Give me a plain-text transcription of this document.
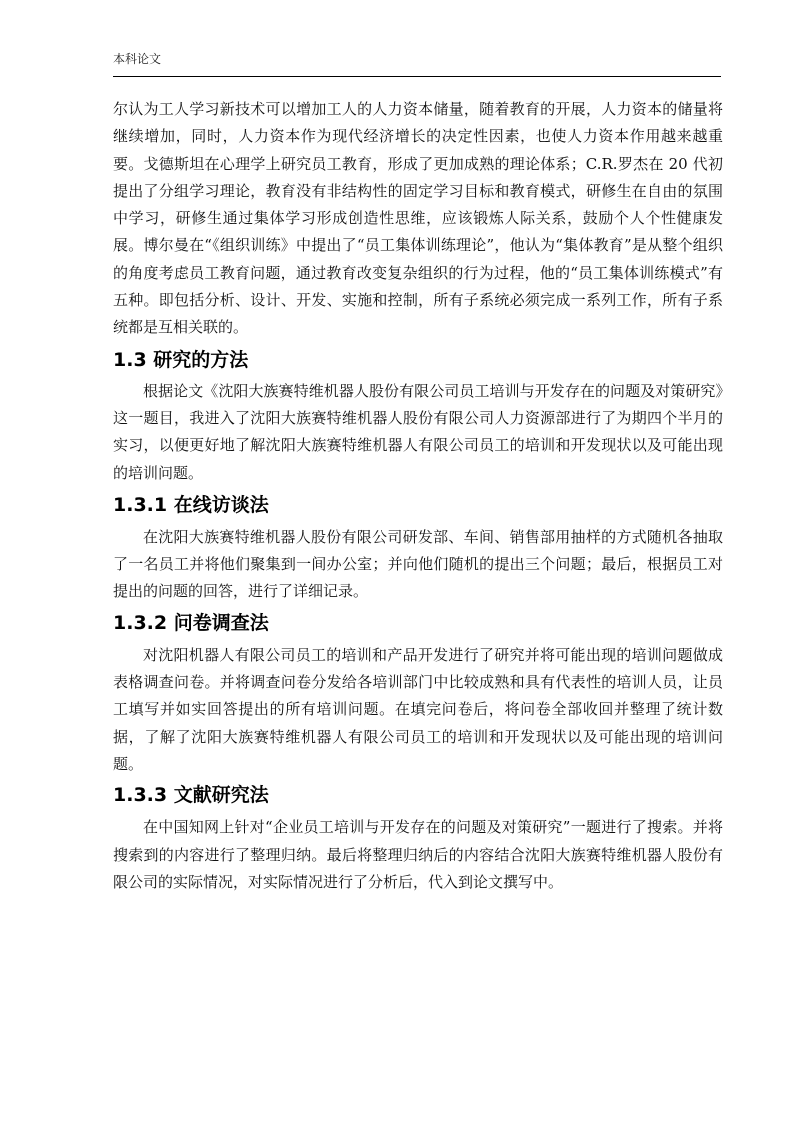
本科论文

尔认为工人学习新技术可以增加工人的人力资本储量，随着教育的开展，人力资本的储量将继续增加，同时，人力资本作为现代经济增长的决定性因素，也使人力资本作用越来越重要。戈德斯坦在心理学上研究员工教育，形成了更加成熟的理论体系；C.R.罗杰在 20 代初提出了分组学习理论，教育没有非结构性的固定学习目标和教育模式，研修生在自由的氛围中学习，研修生通过集体学习形成创造性思维，应该锻炼人际关系，鼓励个人个性健康发展。博尔曼在“《组织训练》中提出了“员工集体训练理论”，他认为“集体教育”是从整个组织的角度考虑员工教育问题，通过教育改变复杂组织的行为过程，他的“员工集体训练模式”有五种。即包括分析、设计、开发、实施和控制，所有子系统必须完成一系列工作，所有子系统都是互相关联的。

1.3 研究的方法

根据论文《沈阳大族赛特维机器人股份有限公司员工培训与开发存在的问题及对策研究》这一题目，我进入了沈阳大族赛特维机器人股份有限公司人力资源部进行了为期四个半月的实习，以便更好地了解沈阳大族赛特维机器人有限公司员工的培训和开发现状以及可能出现的培训问题。

1.3.1 在线访谈法

在沈阳大族赛特维机器人股份有限公司研发部、车间、销售部用抽样的方式随机各抽取了一名员工并将他们聚集到一间办公室；并向他们随机的提出三个问题；最后，根据员工对提出的问题的回答，进行了详细记录。

1.3.2 问卷调查法

对沈阳机器人有限公司员工的培训和产品开发进行了研究并将可能出现的培训问题做成表格调查问卷。并将调查问卷分发给各培训部门中比较成熟和具有代表性的培训人员，让员工填写并如实回答提出的所有培训问题。在填完问卷后，将问卷全部收回并整理了统计数据，了解了沈阳大族赛特维机器人有限公司员工的培训和开发现状以及可能出现的培训问题。

1.3.3 文献研究法

在中国知网上针对“企业员工培训与开发存在的问题及对策研究”一题进行了搜索。并将搜索到的内容进行了整理归纳。最后将整理归纳后的内容结合沈阳大族赛特维机器人股份有限公司的实际情况，对实际情况进行了分析后，代入到论文撰写中。
